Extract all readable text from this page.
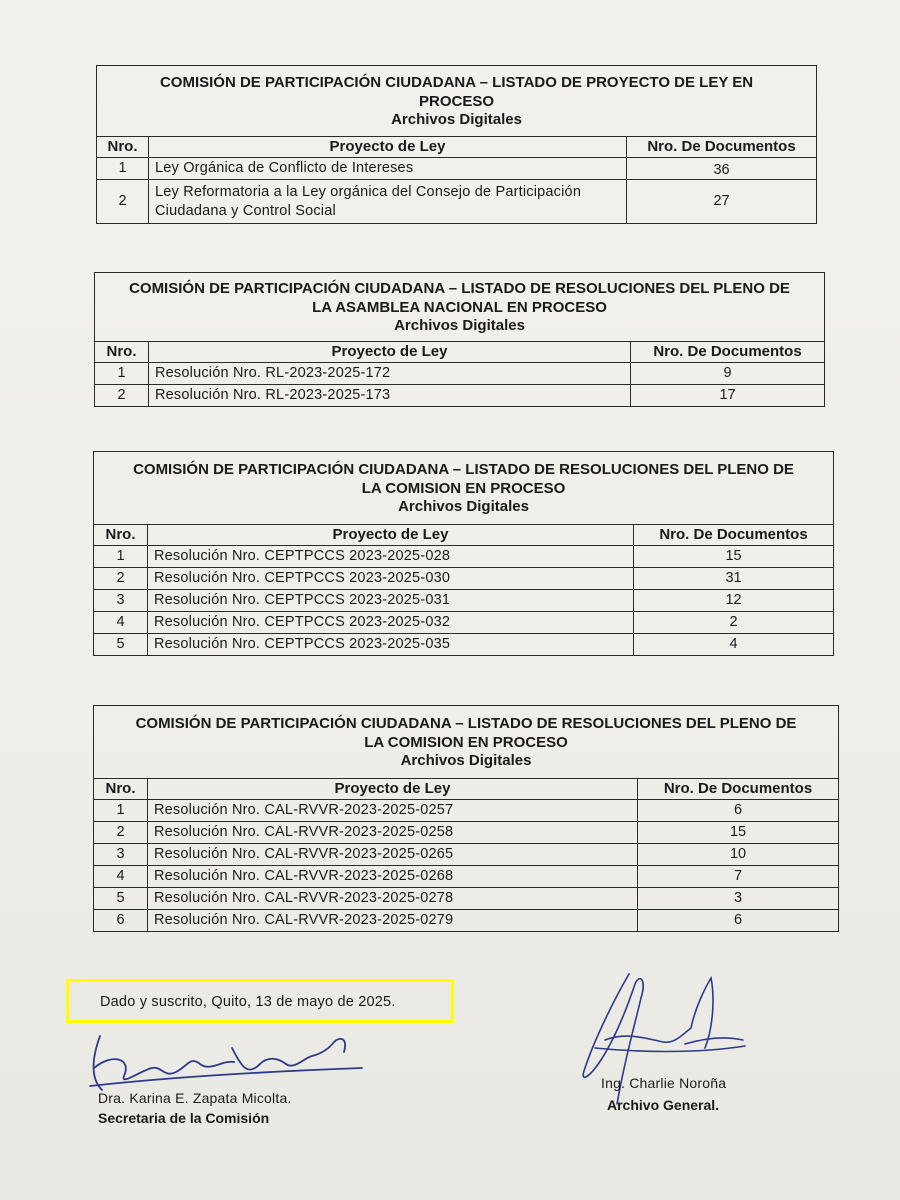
COMISIÓN DE PARTICIPACIÓN CIUDADANA – LISTADO DE PROYECTO DE LEY EN
PROCESO
Archivos Digitales		

Nro.	Proyecto de Ley	Nro. De Documentos
1	Ley Orgánica de Conflicto de Intereses	36
2	Ley Reformatoria a la Ley orgánica del Consejo de Participación
Ciudadana y Control Social	27
COMISIÓN DE PARTICIPACIÓN CIUDADANA – LISTADO DE RESOLUCIONES DEL PLENO DE
LA ASAMBLEA NACIONAL EN PROCESO
Archivos Digitales		

Nro.	Proyecto de Ley	Nro. De Documentos
1	Resolución Nro. RL-2023-2025-172	9
2	Resolución Nro. RL-2023-2025-173	17
COMISIÓN DE PARTICIPACIÓN CIUDADANA – LISTADO DE RESOLUCIONES DEL PLENO DE
LA COMISION EN PROCESO
Archivos Digitales		

Nro.	Proyecto de Ley	Nro. De Documentos
1	Resolución Nro. CEPTPCCS 2023-2025-028	15
2	Resolución Nro. CEPTPCCS 2023-2025-030	31
3	Resolución Nro. CEPTPCCS 2023-2025-031	12
4	Resolución Nro. CEPTPCCS 2023-2025-032	2
5	Resolución Nro. CEPTPCCS 2023-2025-035	4
COMISIÓN DE PARTICIPACIÓN CIUDADANA – LISTADO DE RESOLUCIONES DEL PLENO DE
LA COMISION EN PROCESO
Archivos Digitales		

Nro.	Proyecto de Ley	Nro. De Documentos
1	Resolución Nro. CAL-RVVR-2023-2025-0257	6
2	Resolución Nro. CAL-RVVR-2023-2025-0258	15
3	Resolución Nro. CAL-RVVR-2023-2025-0265	10
4	Resolución Nro. CAL-RVVR-2023-2025-0268	7
5	Resolución Nro. CAL-RVVR-2023-2025-0278	3
6	Resolución Nro. CAL-RVVR-2023-2025-0279	6
Dado y suscrito, Quito, 13 de mayo de 2025.
Dra. Karina E. Zapata Micolta.
Secretaria de la Comisión
Ing. Charlie Noroña
Archivo General.
